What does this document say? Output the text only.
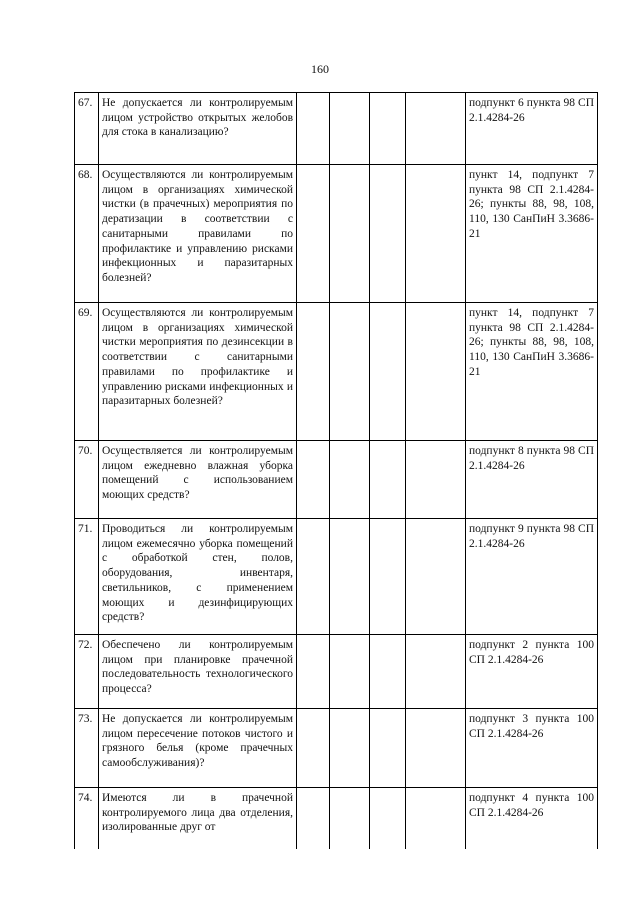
160
67.	Не допускается ли контролируемым лицом устройство открытых желобов для стока в канализацию?					подпункт 6 пункта 98 СП 2.1.4284-26
68.	Осуществляются ли контролируемым лицом в организациях химической чистки (в прачечных) мероприятия по дератизации в соответствии с санитарными правилами по профилактике и управлению рисками инфекционных и паразитарных болезней?					пункт 14, подпункт 7 пункта 98 СП 2.1.4284-26; пункты 88, 98, 108, 110, 130 СанПиН 3.3686-21
69.	Осуществляются ли контролируемым лицом в организациях химической чистки мероприятия по дезинсекции в соответствии с санитарными правилами по профилактике и управлению рисками инфекционных и паразитарных болезней?					пункт 14, подпункт 7 пункта 98 СП 2.1.4284-26; пункты 88, 98, 108, 110, 130 СанПиН 3.3686-21
70.	Осуществляется ли контролируемым лицом ежедневно влажная уборка помещений с использованием моющих средств?					подпункт 8 пункта 98 СП 2.1.4284-26
71.	Проводиться ли контролируемым лицом ежемесячно уборка помещений с обработкой стен, полов, оборудования, инвентаря, светильников, с применением моющих и дезинфицирующих средств?					подпункт 9 пункта 98 СП 2.1.4284-26
72.	Обеспечено ли контролируемым лицом при планировке прачечной последовательность технологического процесса?					подпункт 2 пункта 100 СП 2.1.4284-26
73.	Не допускается ли контролируемым лицом пересечение потоков чистого и грязного белья (кроме прачечных самообслуживания)?					подпункт 3 пункта 100 СП 2.1.4284-26
74.	Имеются ли в прачечной контролируемого лица два отделения, изолированные друг от					подпункт 4 пункта 100 СП 2.1.4284-26
